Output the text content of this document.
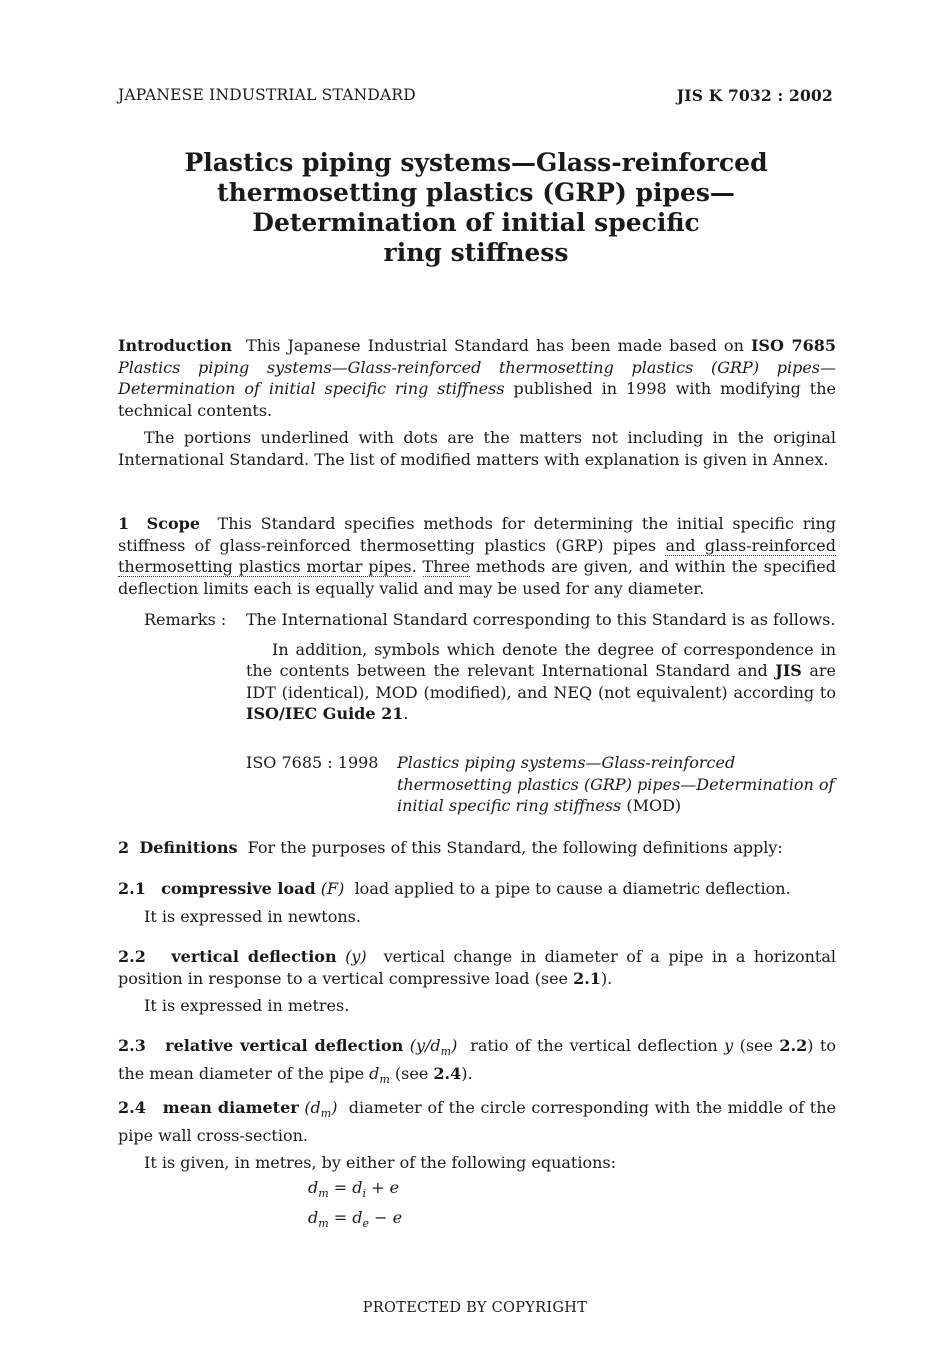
JAPANESE INDUSTRIAL STANDARD	JIS K 7032 : 2002
Plastics piping systems—Glass-reinforced
thermosetting plastics (GRP) pipes—
Determination of initial specific
ring stiffness

Introduction This Japanese Industrial Standard has been made based on ISO 7685 Plastics piping systems—Glass-reinforced thermosetting plastics (GRP) pipes—Determination of initial specific ring stiffness published in 1998 with modifying the technical contents.

The portions underlined with dots are the matters not including in the original International Standard. The list of modified matters with explanation is given in Annex.

1 Scope This Standard specifies methods for determining the initial specific ring stiffness of glass-reinforced thermosetting plastics (GRP) pipes and glass-reinforced thermosetting plastics mortar pipes. Three methods are given, and within the specified deflection limits each is equally valid and may be used for any diameter.

Remarks : The International Standard corresponding to this Standard is as follows.

In addition, symbols which denote the degree of correspondence in the contents between the relevant International Standard and JIS are IDT (identical), MOD (modified), and NEQ (not equivalent) according to ISO/IEC Guide 21.

ISO 7685 : 1998 Plastics piping systems—Glass-reinforced thermosetting plastics (GRP) pipes—Determination of initial specific ring stiffness (MOD)
2 Definitions For the purposes of this Standard, the following definitions apply:

2.1 compressive load (F) load applied to a pipe to cause a diametric deflection.

It is expressed in newtons.

2.2 vertical deflection (y) vertical change in diameter of a pipe in a horizontal position in response to a vertical compressive load (see 2.1).

It is expressed in metres.

2.3 relative vertical deflection $(y/d_m)$ ratio of the vertical deflection y (see 2.2) to the mean diameter of the pipe $d_m$ (see 2.4).

2.4 mean diameter $(d_m)$ diameter of the circle corresponding with the middle of the pipe wall cross-section.

It is given, in metres, by either of the following equations:

$d_m = d_i + e$
$d_m = d_e - e$
PROTECTED BY COPYRIGHT
